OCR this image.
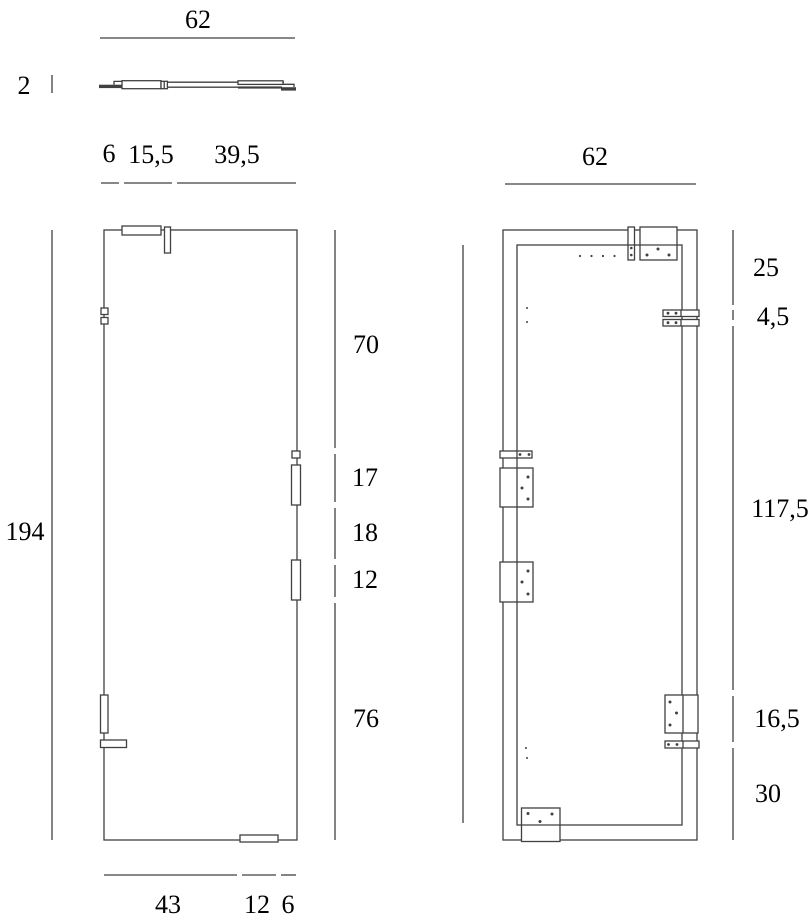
62
2
6 15,5 39,5
194
70
17
18
12
76
43 12 6
62
25
4,5
117,5
16,5
30
